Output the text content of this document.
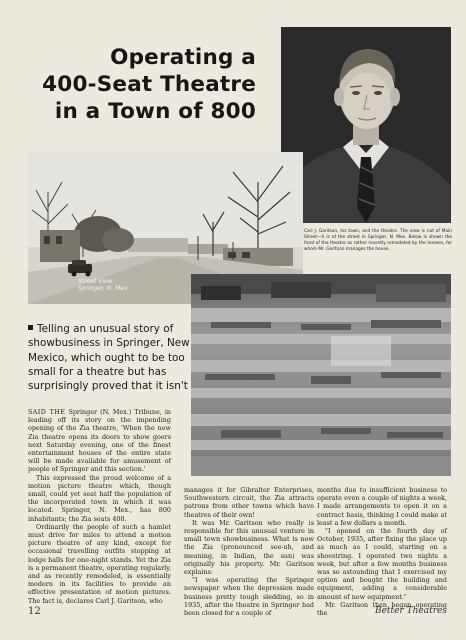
Operating a
400-Seat Theatre
in a Town of 800
Carl J. Garitson, his town, and the theatre. The view is not of Main Street—it is of the street in Springer, N. Mex. Below is shown the front of the theatre as rather recently remodeled by the lessees, for whom Mr. Garitson manages the house.
Street View
Springer, N. Mex.
Telling an unusual story of
showbusiness in Springer, New
Mexico, which ought to be too
small for a theatre but has
surprisingly proved that it isn't

SAID THE Springer (N. Mex.) Tribune, in leading off its story on the impending opening of the Zia theatre, 'When the new Zia theatre opens its doors to show goers next Saturday evening, one of the finest entertainment houses of the entire state will be made available for amusement of people of Springer and this section.'

This expressed the proud welcome of a motion picture theatre which, though small, could yet seat half the population of the incorporated town in which it was located. Springer, N. Mex., has 800 inhabitants; the Zia seats 400.

Ordinarily the people of such a hamlet must drive for miles to attend a motion picture theatre of any kind, except for occasional travelling outfits stopping at lodge halls for one-night stands. Yet the Zia is a permanent theatre, operating regularly, and as recently remodeled, is essentially modern in its facilities to provide an effective presentation of motion pictures. The fact is, declares Carl J. Garitson, who

manages it for Gibralter Enterprises, Southwestern circuit, the Zia attracts patrons from other towns which have theatres of their own!

It was Mr. Garitson who really is responsible for this unusual venture in small town showbusiness. What is now the Zia (pronounced see-uh, and meaning, in Indian, the sun) was originally his property. Mr. Garitson explains:

"I was operating the Springer newspaper when the depression made business pretty tough sledding, so in 1935, after the theatre in Springer had been closed for a couple of

months due to insufficient business to operate even a couple of nights a week, I made arrangements to open it on a contract basis, thinking I could make at least a few dollars a month.

"I opened on the fourth day of October, 1935, after fixing the place up as much as I could, starting on a shoestring. I operated two nights a week, but after a few months business was so astounding that I exercised my option and bought the building and equipment, adding a considerable amount of new equipment."

Mr. Garitson then began operating the

12	Better Theatres
